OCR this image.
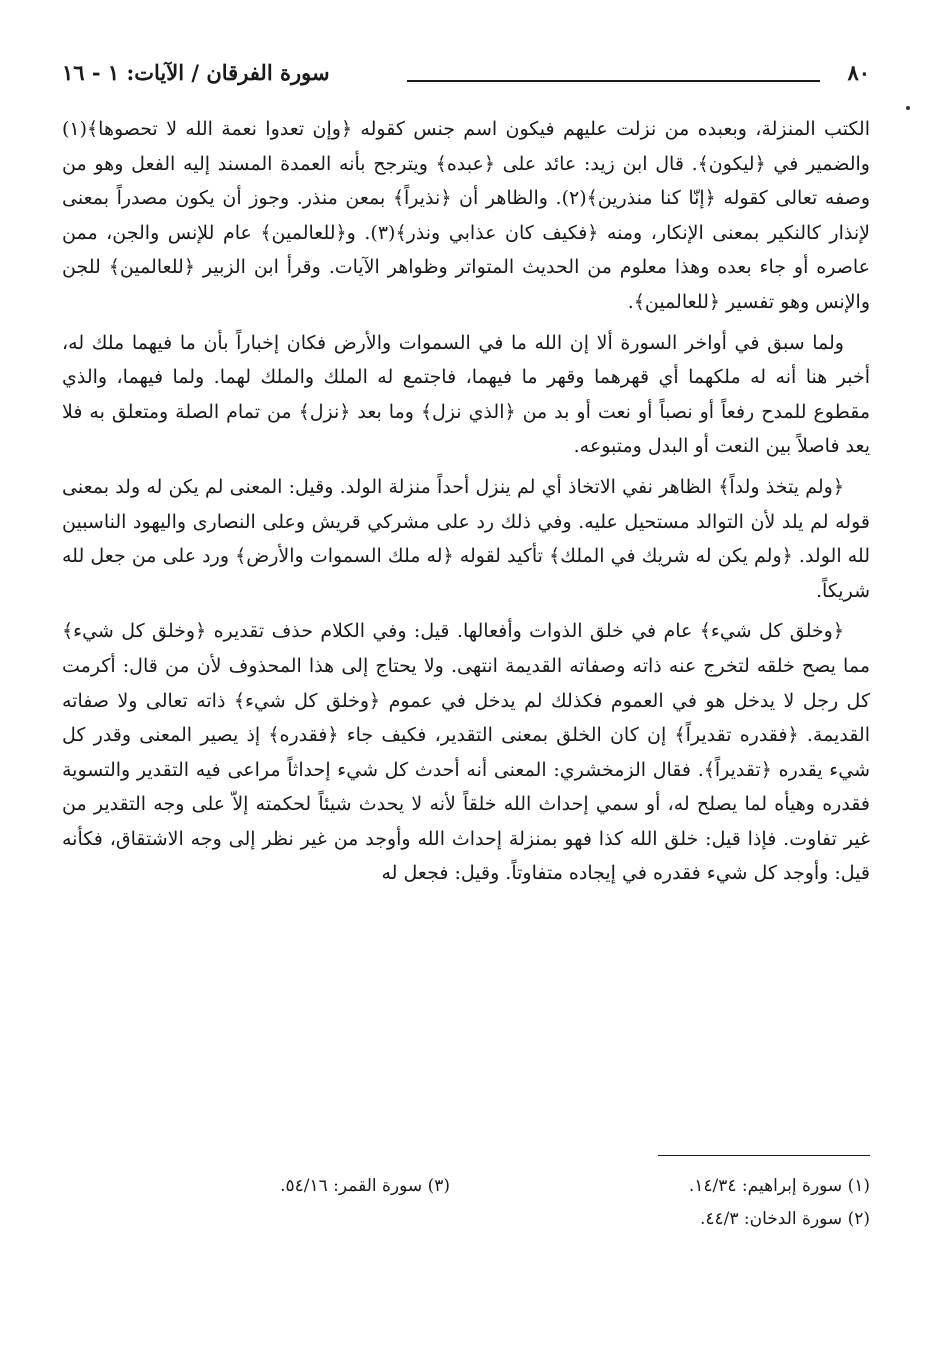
٨٠
سورة الفرقان / الآيات: ١ - ١٦

الكتب المنزلة، وبعبده من نزلت عليهم فيكون اسم جنس كقوله ﴿وإن تعدوا نعمة الله لا تحصوها﴾(١) والضمير في ﴿ليكون﴾. قال ابن زيد: عائد على ﴿عبده﴾ ويترجح بأنه العمدة المسند إليه الفعل وهو من وصفه تعالى كقوله ﴿إنّا كنا منذرين﴾(٢). والظاهر أن ﴿نذيراً﴾ بمعن منذر. وجوز أن يكون مصدراً بمعنى لإنذار كالنكير بمعنى الإنكار، ومنه ﴿فكيف كان عذابي ونذر﴾(٣). و﴿للعالمين﴾ عام للإنس والجن، ممن عاصره أو جاء بعده وهذا معلوم من الحديث المتواتر وظواهر الآيات. وقرأ ابن الزبير ﴿للعالمين﴾ للجن والإنس وهو تفسير ﴿للعالمين﴾.

ولما سبق في أواخر السورة ألا إن الله ما في السموات والأرض فكان إخباراً بأن ما فيهما ملك له، أخبر هنا أنه له ملكهما أي قهرهما وقهر ما فيهما، فاجتمع له الملك والملك لهما. ولما فيهما، والذي مقطوع للمدح رفعاً أو نصباً أو نعت أو بد من ﴿الذي نزل﴾ وما بعد ﴿نزل﴾ من تمام الصلة ومتعلق به فلا يعد فاصلاً بين النعت أو البدل ومتبوعه.

﴿ولم يتخذ ولداً﴾ الظاهر نفي الاتخاذ أي لم ينزل أحداً منزلة الولد. وقيل: المعنى لم يكن له ولد بمعنى قوله لم يلد لأن التوالد مستحيل عليه. وفي ذلك رد على مشركي قريش وعلى النصارى واليهود الناسبين لله الولد. ﴿ولم يكن له شريك في الملك﴾ تأكيد لقوله ﴿له ملك السموات والأرض﴾ ورد على من جعل لله شريكاً.

﴿وخلق كل شيء﴾ عام في خلق الذوات وأفعالها. قيل: وفي الكلام حذف تقديره ﴿وخلق كل شيء﴾ مما يصح خلقه لتخرج عنه ذاته وصفاته القديمة انتهى. ولا يحتاج إلى هذا المحذوف لأن من قال: أكرمت كل رجل لا يدخل هو في العموم فكذلك لم يدخل في عموم ﴿وخلق كل شيء﴾ ذاته تعالى ولا صفاته القديمة. ﴿فقدره تقديراً﴾ إن كان الخلق بمعنى التقدير، فكيف جاء ﴿فقدره﴾ إذ يصير المعنى وقدر كل شيء يقدره ﴿تقديراً﴾. فقال الزمخشري: المعنى أنه أحدث كل شيء إحداثاً مراعى فيه التقدير والتسوية فقدره وهيأه لما يصلح له، أو سمي إحداث الله خلقاً لأنه لا يحدث شيئاً لحكمته إلاّ على وجه التقدير من غير تفاوت. فإذا قيل: خلق الله كذا فهو بمنزلة إحداث الله وأوجد من غير نظر إلى وجه الاشتقاق، فكأنه قيل: وأوجد كل شيء فقدره في إيجاده متفاوتاً. وقيل: فجعل له

(١) سورة إبراهيم: ١٤/٣٤.
(٢) سورة الدخان: ٤٤/٣.
(٣) سورة القمر: ٥٤/١٦.
